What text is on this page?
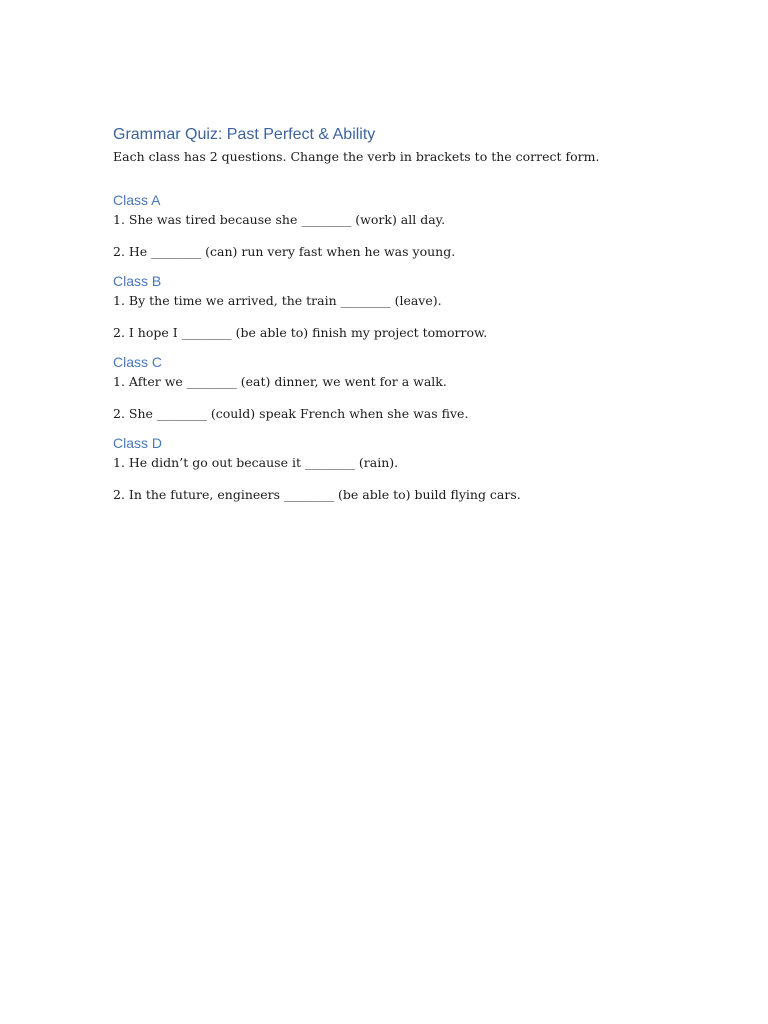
Grammar Quiz: Past Perfect & Ability

Each class has 2 questions. Change the verb in brackets to the correct form.

Class A

1. She was tired because she ________ (work) all day.

2. He ________ (can) run very fast when he was young.

Class B

1. By the time we arrived, the train ________ (leave).

2. I hope I ________ (be able to) finish my project tomorrow.

Class C

1. After we ________ (eat) dinner, we went for a walk.

2. She ________ (could) speak French when she was five.

Class D

1. He didn’t go out because it ________ (rain).

2. In the future, engineers ________ (be able to) build flying cars.
